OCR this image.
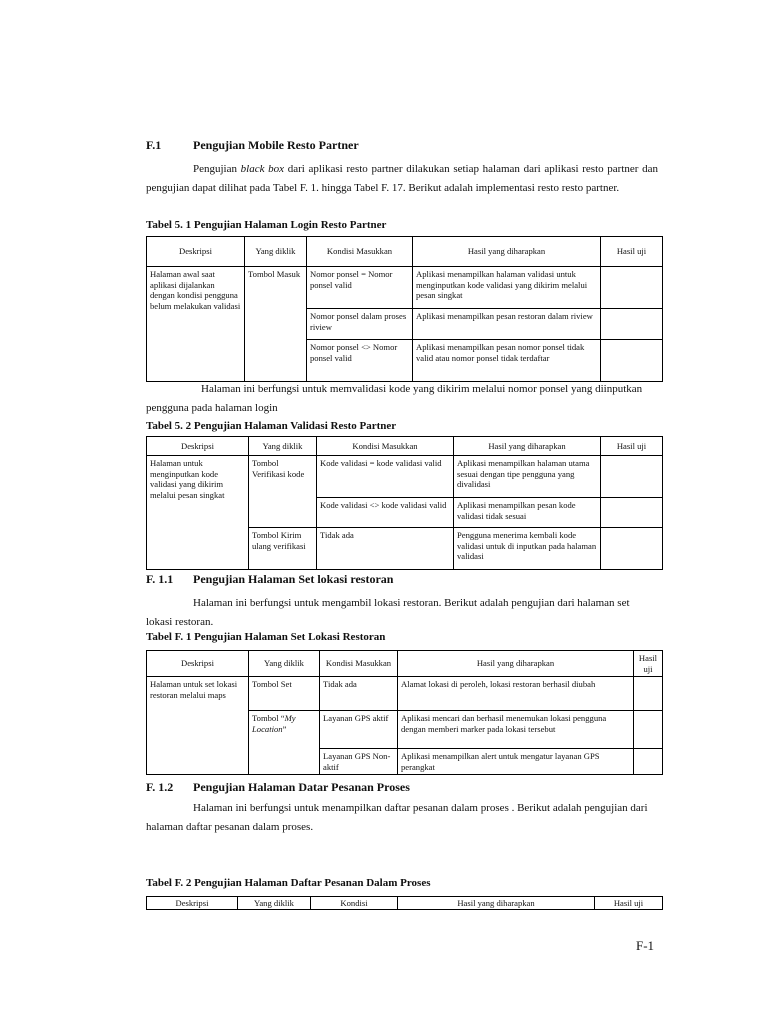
F.1	Pengujian Mobile Resto Partner
Pengujian black box dari aplikasi resto partner dilakukan setiap halaman dari aplikasi resto partner dan pengujian dapat dilihat pada Tabel F. 1. hingga Tabel F. 17. Berikut adalah implementasi resto resto partner.
Tabel 5. 1 Pengujian Halaman Login Resto Partner
Deskripsi	Yang diklik	Kondisi Masukkan	Hasil yang diharapkan	Hasil uji
Halaman awal saat aplikasi dijalankan dengan kondisi pengguna belum melakukan validasi	Tombol Masuk	Nomor ponsel = Nomor ponsel valid	Aplikasi menampilkan halaman validasi untuk menginputkan kode validasi yang dikirim melalui pesan singkat	
		Nomor ponsel dalam proses riview	Aplikasi menampilkan pesan restoran dalam riview	
		Nomor ponsel <> Nomor ponsel valid	Aplikasi menampilkan pesan nomor ponsel tidak valid atau nomor ponsel tidak terdaftar	
Halaman ini berfungsi untuk memvalidasi kode yang dikirim melalui nomor ponsel yang diinputkan pengguna pada halaman login
Tabel 5. 2 Pengujian Halaman Validasi Resto Partner
Deskripsi	Yang diklik	Kondisi Masukkan	Hasil yang diharapkan	Hasil uji
Halaman untuk menginputkan kode validasi yang dikirim melalui pesan singkat	Tombol Verifikasi kode	Kode validasi = kode validasi valid	Aplikasi menampilkan halaman utama sesuai dengan tipe pengguna yang divalidasi	
		Kode validasi <> kode validasi valid	Aplikasi menampilkan pesan kode validasi tidak sesuai	
	Tombol Kirim ulang verifikasi	Tidak ada	Pengguna menerima kembali kode validasi untuk di inputkan pada halaman validasi	
F. 1.1 Pengujian Halaman Set lokasi restoran
Halaman ini berfungsi untuk mengambil lokasi restoran. Berikut adalah pengujian dari halaman set lokasi restoran.
Tabel F. 1 Pengujian Halaman Set Lokasi Restoran
Deskripsi	Yang diklik	Kondisi Masukkan	Hasil yang diharapkan	Hasil uji
Halaman untuk set lokasi restoran melalui maps	Tombol Set	Tidak ada	Alamat lokasi di peroleh, lokasi restoran berhasil diubah	
	Tombol “My Location”	Layanan GPS aktif	Aplikasi mencari dan berhasil menemukan lokasi pengguna dengan memberi marker pada lokasi tersebut	
		Layanan GPS Non-aktif	Aplikasi menampilkan alert untuk mengatur layanan GPS perangkat	
F. 1.2 Pengujian Halaman Datar Pesanan Proses
Halaman ini berfungsi untuk menampilkan daftar pesanan dalam proses . Berikut adalah pengujian dari halaman daftar pesanan dalam proses.
Tabel F. 2 Pengujian Halaman Daftar Pesanan Dalam Proses
Deskripsi	Yang diklik	Kondisi	Hasil yang diharapkan	Hasil uji
F-1
